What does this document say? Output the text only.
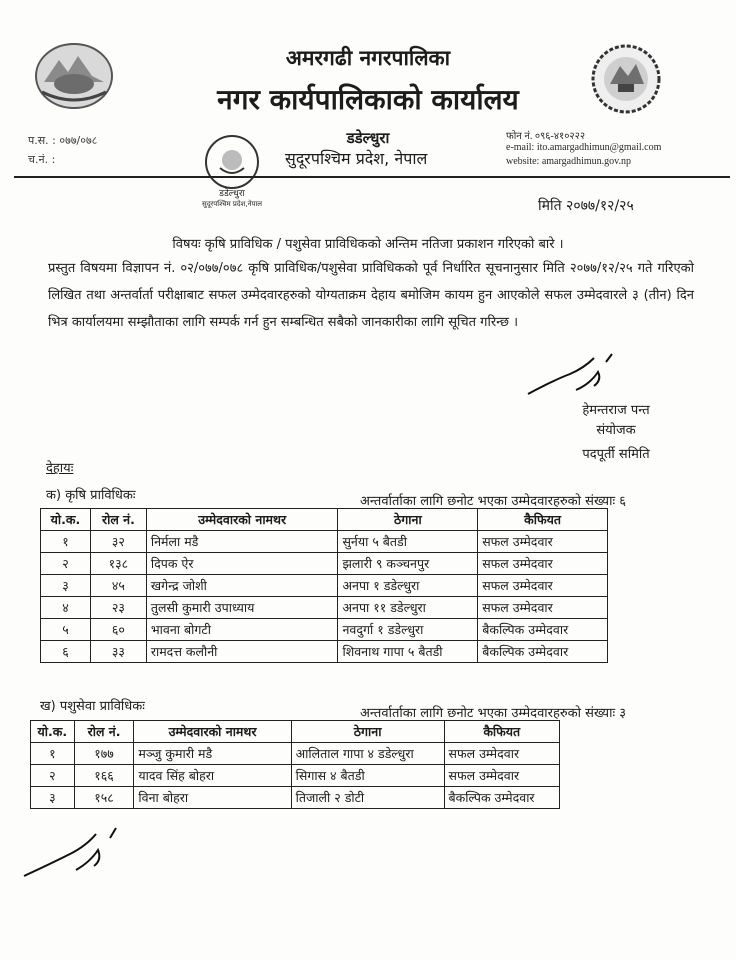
अमरगढी नगरपालिका
नगर कार्यपालिकाको कार्यालय
डडेल्धुरा
सुदूरपश्चिम प्रदेश, नेपाल
प.स. : ०७७/०७८
च.नं. :
डडेल्धुरा
सुदूरपश्चिम प्रदेश,नेपाल
फोन नं. ०९६-४१०२२२
e-mail: ito.amargadhimun@gmail.com
website: amargadhimun.gov.np
मिति २०७७/१२/२५
विषयः कृषि प्राविधिक / पशुसेवा प्राविधिकको अन्तिम नतिजा प्रकाशन गरिएको बारे ।
प्रस्तुत विषयमा विज्ञापन नं. ०२/०७७/०७८ कृषि प्राविधिक/पशुसेवा प्राविधिकको पूर्व निर्धारित सूचनानुसार मिति २०७७/१२/२५ गते गरिएको लिखित तथा अन्तर्वार्ता परीक्षाबाट सफल उम्मेदवारहरुको योग्यताक्रम देहाय बमोजिम कायम हुन आएकोले सफल उम्मेदवारले ३ (तीन) दिन भित्र कार्यालयमा सम्झौताका लागि सम्पर्क गर्न हुन सम्बन्धित सबैको जानकारीका लागि सूचित गरिन्छ ।
हेमन्तराज पन्त
संयोजक
पदपूर्ती समिति
देहायः
क) कृषि प्राविधिकः	अन्तर्वार्ताका लागि छनोट भएका उम्मेदवारहरुको संख्याः ६
यो.क.	रोल नं.	उम्मेदवारको नामथर	ठेगाना	कैफियत
१	३२	निर्मला मडै	सुर्नया ५ बैतडी	सफल उम्मेदवार
२	१३८	दिपक ऐर	झलारी ९ कञ्चनपुर	सफल उम्मेदवार
३	४५	खगेन्द्र जोशी	अनपा १ डडेल्धुरा	सफल उम्मेदवार
४	२३	तुलसी कुमारी उपाध्याय	अनपा ११ डडेल्धुरा	सफल उम्मेदवार
५	६०	भावना बोगटी	नवदुर्गा १ डडेल्धुरा	बैकल्पिक उम्मेदवार
६	३३	रामदत्त कलौनी	शिवनाथ गापा ५ बैतडी	बैकल्पिक उम्मेदवार
ख) पशुसेवा प्राविधिकः	अन्तर्वार्ताका लागि छनोट भएका उम्मेदवारहरुको संख्याः ३
यो.क.	रोल नं.	उम्मेदवारको नामथर	ठेगाना	कैफियत
१	१७७	मञ्जु कुमारी मडै	आलिताल गापा ४ डडेल्धुरा	सफल उम्मेदवार
२	१६६	यादव सिंह बोहरा	सिगास ४ बैतडी	सफल उम्मेदवार
३	१५८	विना बोहरा	तिजाली २ डोटी	बैकल्पिक उम्मेदवार
